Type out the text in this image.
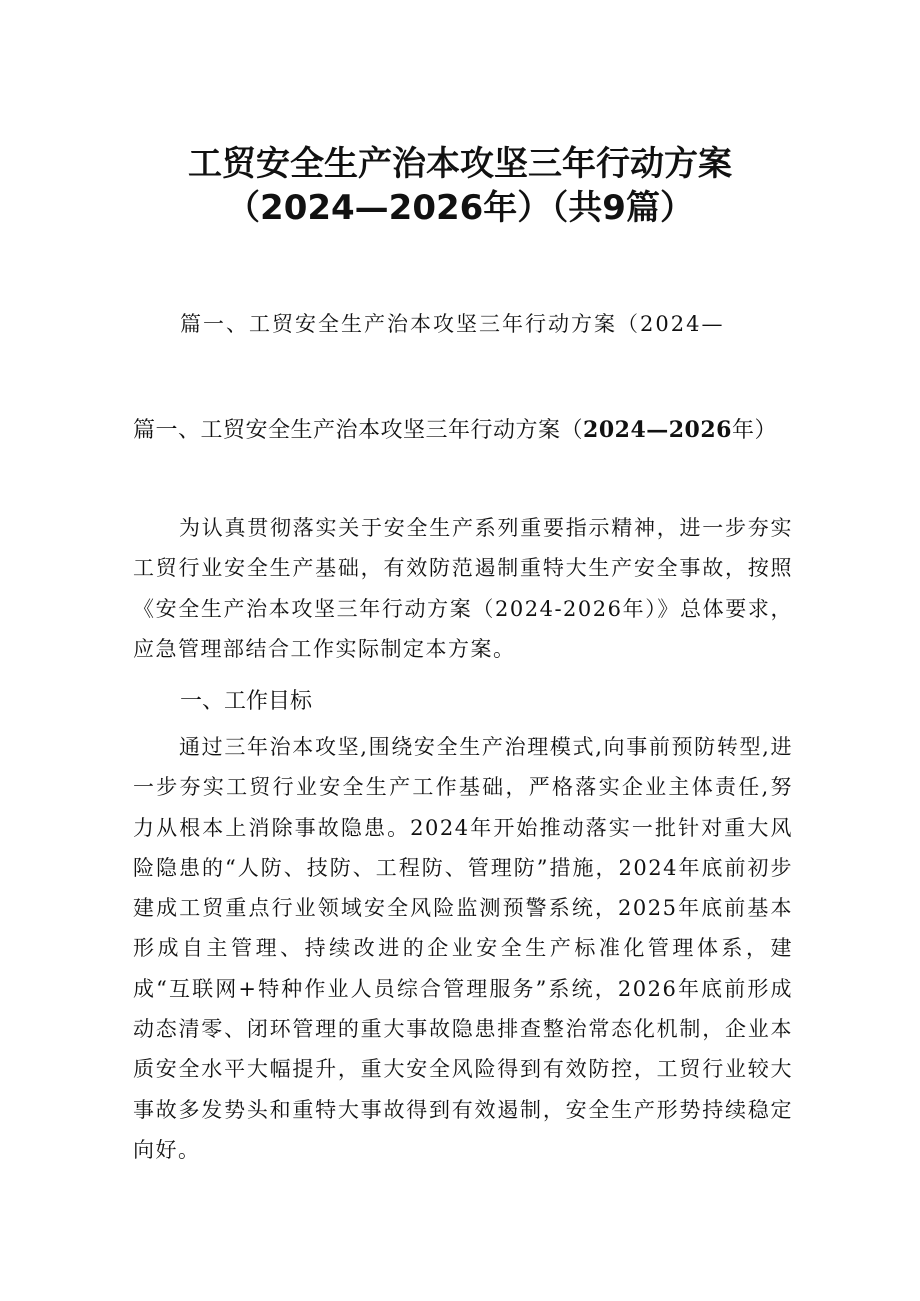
工贸安全生产治本攻坚三年行动方案
（2024—2026年）（共9篇）
篇一、工贸安全生产治本攻坚三年行动方案（2024—
篇一、工贸安全生产治本攻坚三年行动方案（2024—2026年）

为认真贯彻落实关于安全生产系列重要指示精神，进一步夯实工贸行业安全生产基础，有效防范遏制重特大生产安全事故，按照《安全生产治本攻坚三年行动方案（2024-2026年）》总体要求，应急管理部结合工作实际制定本方案。

一、工作目标

通过三年治本攻坚,围绕安全生产治理模式,向事前预防转型,进一步夯实工贸行业安全生产工作基础，严格落实企业主体责任,努力从根本上消除事故隐患。2024年开始推动落实一批针对重大风险隐患的“人防、技防、工程防、管理防”措施，2024年底前初步建成工贸重点行业领域安全风险监测预警系统，2025年底前基本形成自主管理、持续改进的企业安全生产标准化管理体系，建成“互联网+特种作业人员综合管理服务”系统，2026年底前形成动态清零、闭环管理的重大事故隐患排查整治常态化机制，企业本质安全水平大幅提升，重大安全风险得到有效防控，工贸行业较大事故多发势头和重特大事故得到有效遏制，安全生产形势持续稳定向好。
